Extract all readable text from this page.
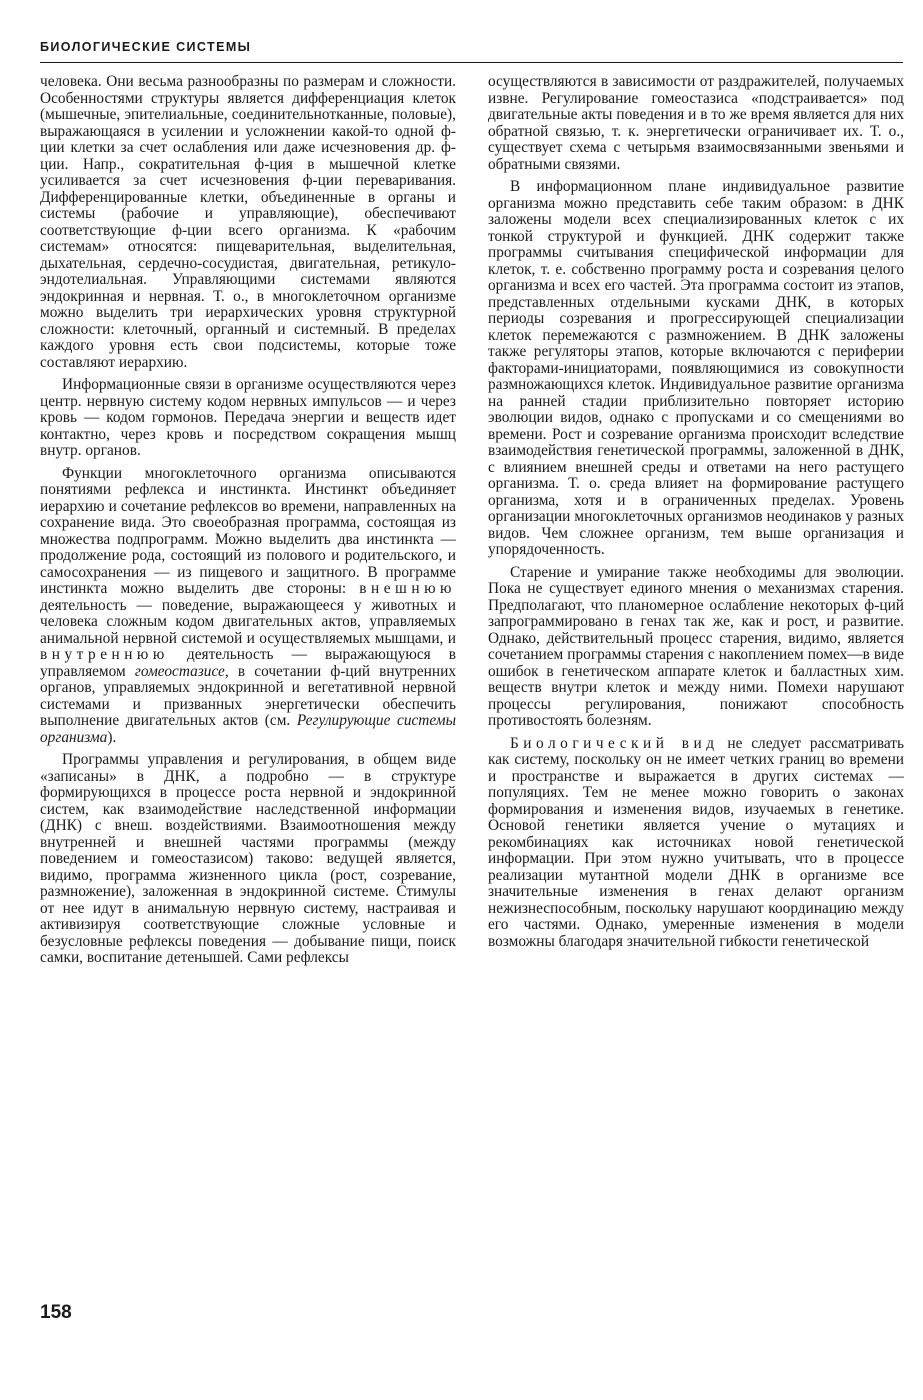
БИОЛОГИЧЕСКИЕ СИСТЕМЫ

человека. Они весьма разнообразны по размерам и сложности. Особенностями структуры является дифференциация клеток (мышечные, эпителиальные, соединительнотканные, половые), выражающаяся в усилении и усложнении какой-то одной ф-ции клетки за счет ослабления или даже исчезновения др. ф-ции. Напр., сократительная ф-ция в мышечной клетке усиливается за счет исчезновения ф-ции переваривания. Дифференцированные клетки, объединенные в органы и системы (рабочие и управляющие), обеспечивают соответствующие ф-ции всего организма. К «рабочим системам» относятся: пищеварительная, выделительная, дыхательная, сердечно-сосудистая, двигательная, ретикуло-эндотелиальная. Управляющими системами являются эндокринная и нервная. Т. о., в многоклеточном организме можно выделить три иерархических уровня структурной сложности: клеточный, органный и системный. В пределах каждого уровня есть свои подсистемы, которые тоже составляют иерархию.

Информационные связи в организме осуществляются через центр. нервную систему кодом нервных импульсов — и через кровь — кодом гормонов. Передача энергии и веществ идет контактно, через кровь и посредством сокращения мышц внутр. органов.

Функции многоклеточного организма описываются понятиями рефлекса и инстинкта. Инстинкт объединяет иерархию и сочетание рефлексов во времени, направленных на сохранение вида. Это своеобразная программа, состоящая из множества подпрограмм. Можно выделить два инстинкта — продолжение рода, состоящий из полового и родительского, и самосохранения — из пищевого и защитного. В программе инстинкта можно выделить две стороны: внешнюю деятельность — поведение, выражающееся у животных и человека сложным кодом двигательных актов, управляемых анимальной нервной системой и осуществляемых мышцами, и внутреннюю деятельность — выражающуюся в управляемом гомеостазисе, в сочетании ф-ций внутренних органов, управляемых эндокринной и вегетативной нервной системами и призванных энергетически обеспечить выполнение двигательных актов (см. Регулирующие системы организма).

Программы управления и регулирования, в общем виде «записаны» в ДНК, а подробно — в структуре формирующихся в процессе роста нервной и эндокринной систем, как взаимодействие наследственной информации (ДНК) с внеш. воздействиями. Взаимоотношения между внутренней и внешней частями программы (между поведением и гомеостазисом) таково: ведущей является, видимо, программа жизненного цикла (рост, созревание, размножение), заложенная в эндокринной системе. Стимулы от нее идут в анимальную нервную систему, настраивая и активизируя соответствующие сложные условные и безусловные рефлексы поведения — добывание пищи, поиск самки, воспитание детенышей. Сами рефлексы

осуществляются в зависимости от раздражителей, получаемых извне. Регулирование гомеостазиса «подстраивается» под двигательные акты поведения и в то же время является для них обратной связью, т. к. энергетически ограничивает их. Т. о., существует схема с четырьмя взаимосвязанными звеньями и обратными связями.

В информационном плане индивидуальное развитие организма можно представить себе таким образом: в ДНК заложены модели всех специализированных клеток с их тонкой структурой и функцией. ДНК содержит также программы считывания специфической информации для клеток, т. е. собственно программу роста и созревания целого организма и всех его частей. Эта программа состоит из этапов, представленных отдельными кусками ДНК, в которых периоды созревания и прогрессирующей специализации клеток перемежаются с размножением. В ДНК заложены также регуляторы этапов, которые включаются с периферии факторами-инициаторами, появляющимися из совокупности размножающихся клеток. Индивидуальное развитие организма на ранней стадии приблизительно повторяет историю эволюции видов, однако с пропусками и со смещениями во времени. Рост и созревание организма происходит вследствие взаимодействия генетической программы, заложенной в ДНК, с влиянием внешней среды и ответами на него растущего организма. Т. о. среда влияет на формирование растущего организма, хотя и в ограниченных пределах. Уровень организации многоклеточных организмов неодинаков у разных видов. Чем сложнее организм, тем выше организация и упорядоченность.

Старение и умирание также необходимы для эволюции. Пока не существует единого мнения о механизмах старения. Предполагают, что планомерное ослабление некоторых ф-ций запрограммировано в генах так же, как и рост, и развитие. Однако, действительный процесс старения, видимо, является сочетанием программы старения с накоплением помех—в виде ошибок в генетическом аппарате клеток и балластных хим. веществ внутри клеток и между ними. Помехи нарушают процессы регулирования, понижают способность противостоять болезням.

Биологический вид не следует рассматривать как систему, поскольку он не имеет четких границ во времени и пространстве и выражается в других системах — популяциях. Тем не менее можно говорить о законах формирования и изменения видов, изучаемых в генетике. Основой генетики является учение о мутациях и рекомбинациях как источниках новой генетической информации. При этом нужно учитывать, что в процессе реализации мутантной модели ДНК в организме все значительные изменения в генах делают организм нежизнеспособным, поскольку нарушают координацию между его частями. Однако, умеренные изменения в модели возможны благодаря значительной гибкости генетической

158
